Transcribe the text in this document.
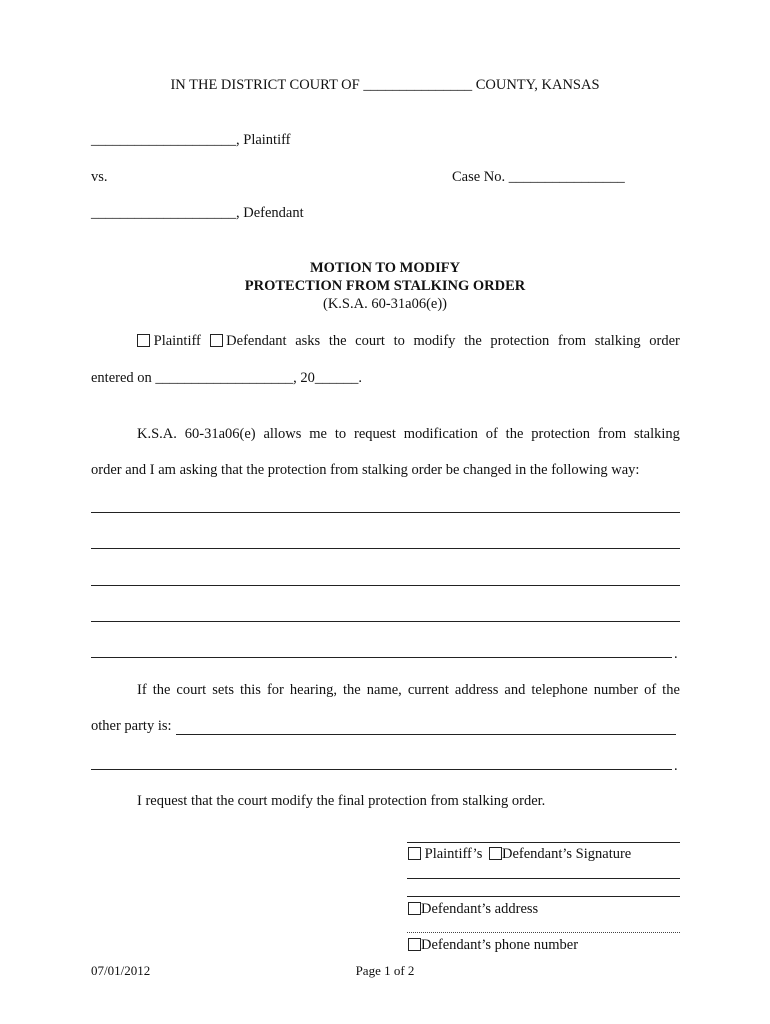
IN THE DISTRICT COURT OF _______________ COUNTY, KANSAS
____________________, Plaintiff
vs.	Case No. ________________
____________________, Defendant
MOTION TO MODIFY
PROTECTION FROM STALKING ORDER
(K.S.A. 60-31a06(e))
Plaintiff	Defendant asks the court to modify the protection from stalking order
entered on ___________________, 20______.
K.S.A. 60-31a06(e) allows me to request modification of the protection from stalking
order and I am asking that the protection from stalking order be changed in the following way:
.
If the court sets this for hearing, the name, current address and telephone number of the
other party is:
.
I request that the court modify the final protection from stalking order.
Plaintiff’s Defendant’s Signature
Defendant’s address
Defendant’s phone number
07/01/2012	Page 1 of 2
